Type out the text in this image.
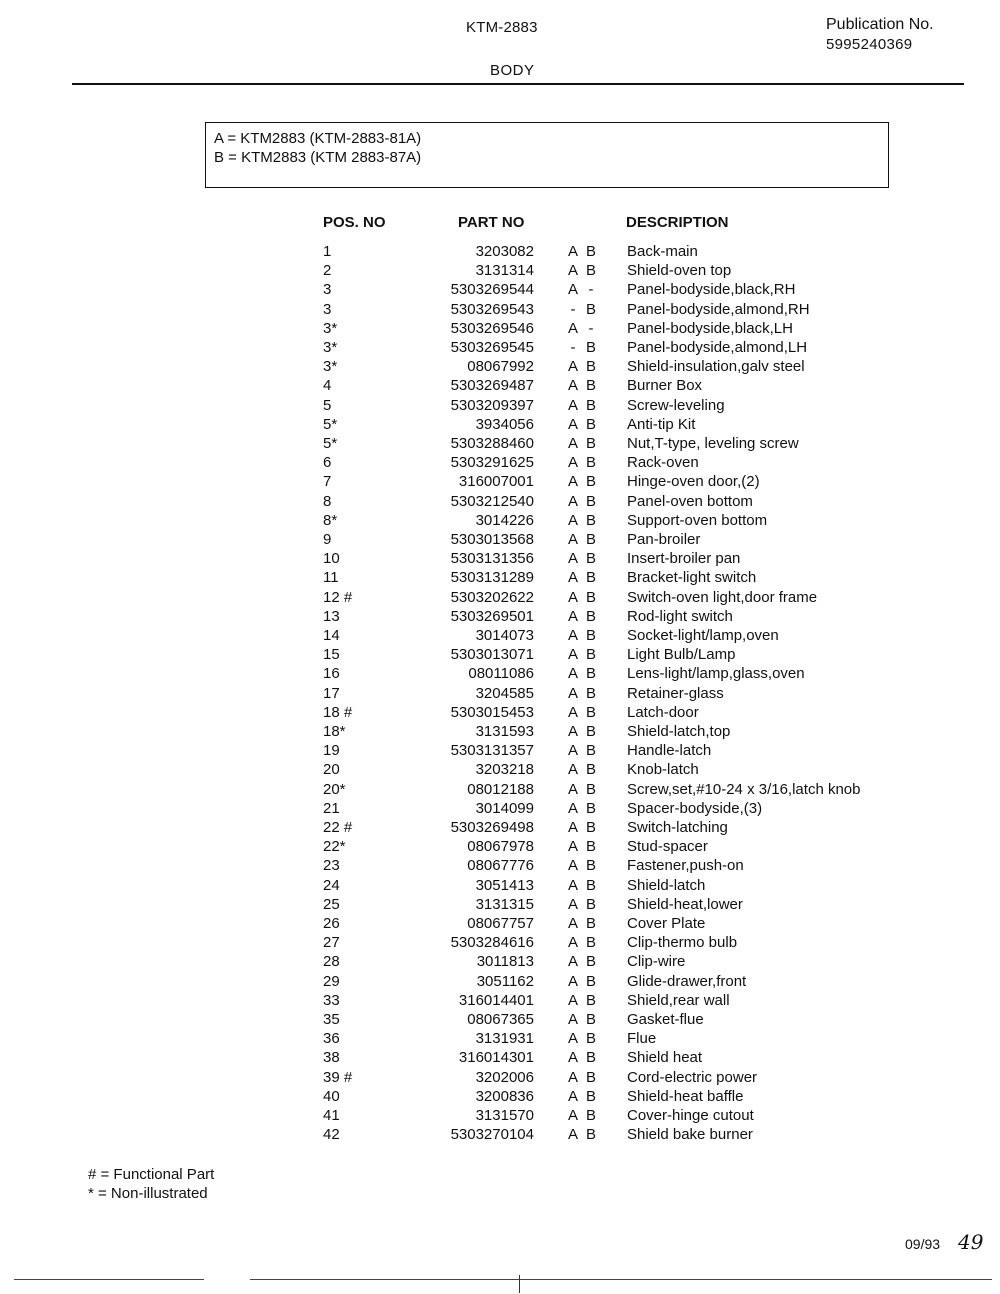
KTM-2883	Publication No.
5995240369
BODY
A = KTM2883 (KTM-2883-81A)
B = KTM2883 (KTM 2883-87A)
POS. NO	PART NO	DESCRIPTION
1	3203082 A B Back-main
2	3131314 A B Shield-oven top
3	5303269544 A -	Panel-bodyside,black,RH
3	5303269543	- B Panel-bodyside,almond,RH
3*	5303269546 A -	Panel-bodyside,black,LH
3*	5303269545	- B Panel-bodyside,almond,LH
3*	08067992 A B Shield-insulation,galv steel
4	5303269487 A B Burner Box
5	5303209397 A B Screw-leveling
5*	3934056 A B Anti-tip Kit
5*	5303288460 A B Nut,T-type, leveling screw
6	5303291625 A B Rack-oven
7	316007001 A B Hinge-oven door,(2)
8	5303212540 A B Panel-oven bottom
8*	3014226 A B Support-oven bottom
9	5303013568 A B Pan-broiler
10	5303131356 A B Insert-broiler pan
11	5303131289 A B Bracket-light switch
12 #	5303202622 A B Switch-oven light,door frame
13	5303269501 A B Rod-light switch
14	3014073 A B Socket-light/lamp,oven
15	5303013071 A B Light Bulb/Lamp
16	08011086 A B Lens-light/lamp,glass,oven
17	3204585 A B Retainer-glass
18 #	5303015453 A B Latch-door
18*	3131593 A B Shield-latch,top
19	5303131357 A B Handle-latch
20	3203218 A B Knob-latch
20*	08012188 A B Screw,set,#10-24 x 3/16,latch knob
21	3014099 A B Spacer-bodyside,(3)
22 #	5303269498 A B Switch-latching
22*	08067978 A B Stud-spacer
23	08067776 A B Fastener,push-on
24	3051413 A B Shield-latch
25	3131315 A B Shield-heat,lower
26	08067757 A B Cover Plate
27	5303284616 A B Clip-thermo bulb
28	3011813 A B Clip-wire
29	3051162 A B Glide-drawer,front
33	316014401 A B Shield,rear wall
35	08067365 A B Gasket-flue
36	3131931 A B Flue
38	316014301 A B Shield heat
39 #	3202006 A B Cord-electric power
40	3200836 A B Shield-heat baffle
41	3131570 A B Cover-hinge cutout
42	5303270104 A B Shield bake burner
# = Functional Part
* = Non-illustrated
09/93 49
